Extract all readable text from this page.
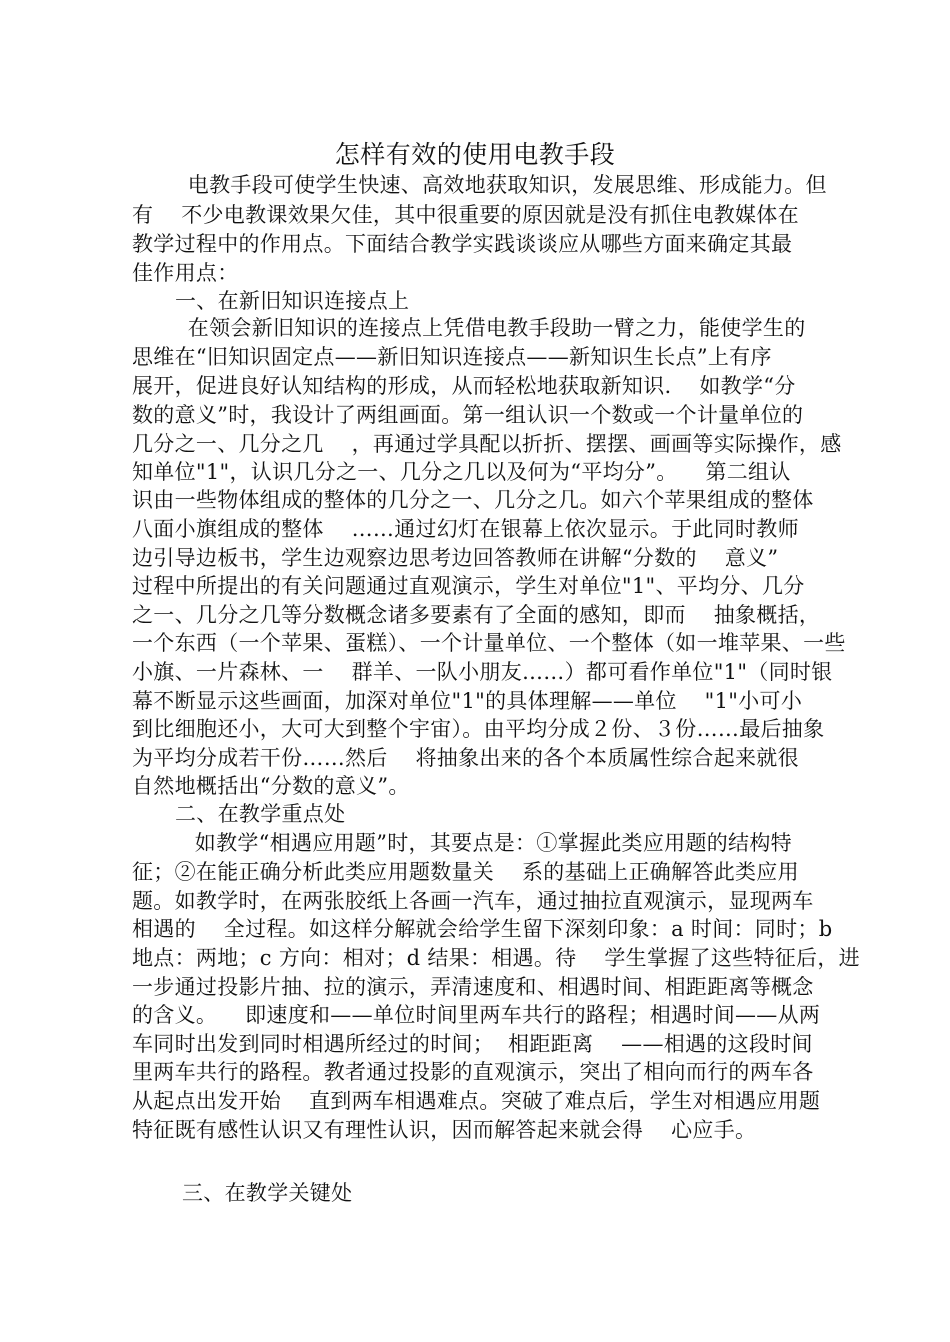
怎样有效的使用电教手段
电教手段可使学生快速、高效地获取知识，发展思维、形成能力。但
有    不少电教课效果欠佳，其中很重要的原因就是没有抓住电教媒体在
教学过程中的作用点。下面结合教学实践谈谈应从哪些方面来确定其最
佳作用点：
一、在新旧知识连接点上
在领会新旧知识的连接点上凭借电教手段助一臂之力，能使学生的
思维在“旧知识固定点——新旧知识连接点——新知识生长点”上有序
展开，促进良好认知结构的形成，从而轻松地获取新知识.    如教学“分
数的意义”时，我设计了两组画面。第一组认识一个数或一个计量单位的
几分之一、几分之几    ，再通过学具配以折折、摆摆、画画等实际操作，感
知单位"1"，认识几分之一、几分之几以及何为“平均分”。    第二组认
识由一些物体组成的整体的几分之一、几分之几。如六个苹果组成的整体
八面小旗组成的整体    ……通过幻灯在银幕上依次显示。于此同时教师
边引导边板书，学生边观察边思考边回答教师在讲解“分数的    意义”
过程中所提出的有关问题通过直观演示，学生对单位"1"、平均分、几分
之一、几分之几等分数概念诸多要素有了全面的感知，即而    抽象概括，
一个东西（一个苹果、蛋糕）、一个计量单位、一个整体（如一堆苹果、一些
小旗、一片森林、一    群羊、一队小朋友……）都可看作单位"1"（同时银
幕不断显示这些画面，加深对单位"1"的具体理解——单位    "1"小可小
到比细胞还小，大可大到整个宇宙）。由平均分成２份、３份……最后抽象
为平均分成若干份……然后    将抽象出来的各个本质属性综合起来就很
自然地概括出“分数的意义”。
二、在教学重点处
如教学“相遇应用题”时，其要点是：①掌握此类应用题的结构特
征；②在能正确分析此类应用题数量关    系的基础上正确解答此类应用
题。如教学时，在两张胶纸上各画一汽车，通过抽拉直观演示，显现两车
相遇的    全过程。如这样分解就会给学生留下深刻印象：a 时间：同时；b
地点：两地；c 方向：相对；d 结果：相遇。待    学生掌握了这些特征后，进
一步通过投影片抽、拉的演示，弄清速度和、相遇时间、相距距离等概念
的含义。    即速度和——单位时间里两车共行的路程；相遇时间——从两
车同时出发到同时相遇所经过的时间；  相距距离    ——相遇的这段时间
里两车共行的路程。教者通过投影的直观演示，突出了相向而行的两车各
从起点出发开始    直到两车相遇难点。突破了难点后，学生对相遇应用题
特征既有感性认识又有理性认识，因而解答起来就会得    心应手。
三、在教学关键处
